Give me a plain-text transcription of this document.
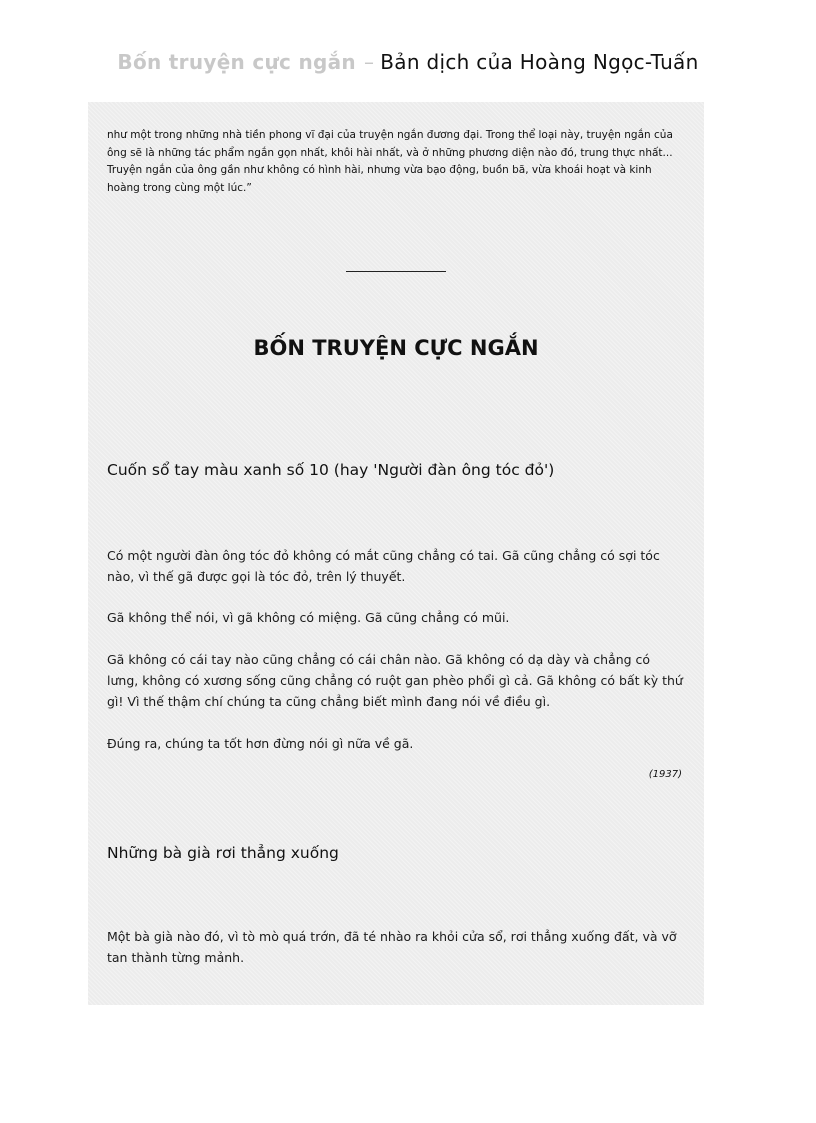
Bốn truyện cực ngắn – Bản dịch của Hoàng Ngọc-Tuấn
như một trong những nhà tiền phong vĩ đại của truyện ngắn đương đại. Trong thể loại này, truyện ngắn của ông sẽ là những tác phẩm ngắn gọn nhất, khôi hài nhất, và ở những phương diện nào đó, trung thực nhất... Truyện ngắn của ông gần như không có hình hài, nhưng vừa bạo động, buồn bã, vừa khoái hoạt và kinh hoàng trong cùng một lúc.”
BỐN TRUYỆN CỰC NGẮN
Cuốn sổ tay màu xanh số 10 (hay 'Người đàn ông tóc đỏ')
Có một người đàn ông tóc đỏ không có mắt cũng chẳng có tai. Gã cũng chẳng có sợi tóc nào, vì thế gã được gọi là tóc đỏ, trên lý thuyết.
Gã không thể nói, vì gã không có miệng. Gã cũng chẳng có mũi.
Gã không có cái tay nào cũng chẳng có cái chân nào. Gã không có dạ dày và chẳng có lưng, không có xương sống cũng chẳng có ruột gan phèo phổi gì cả. Gã không có bất kỳ thứ gì! Vì thế thậm chí chúng ta cũng chẳng biết mình đang nói về điều gì.
Đúng ra, chúng ta tốt hơn đừng nói gì nữa về gã.
(1937)
Những bà già rơi thẳng xuống
Một bà già nào đó, vì tò mò quá trớn, đã té nhào ra khỏi cửa sổ, rơi thẳng xuống đất, và vỡ tan thành từng mảnh.
